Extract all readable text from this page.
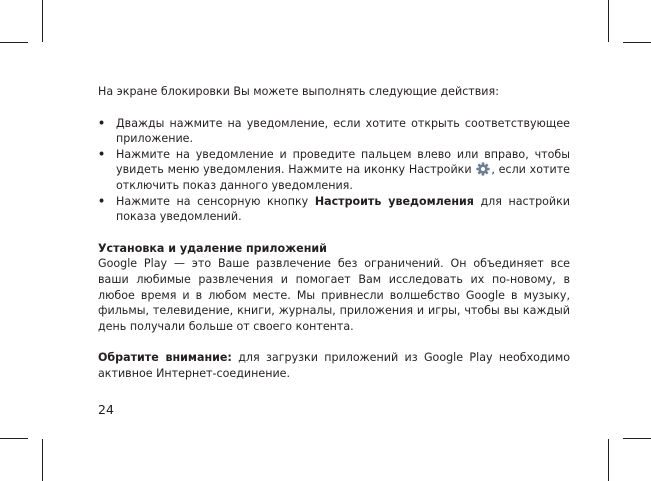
На экране блокировки Вы можете выполнять следующие действия:

• Дважды нажмите на уведомление, если хотите открыть соответствующее приложение.
• Нажмите на уведомление и проведите пальцем влево или вправо, чтобы увидеть меню уведомления. Нажмите на иконку Настройки , если хотите отключить показ данного уведомления.
• Нажмите на сенсорную кнопку Настроить уведомления для настройки показа уведомлений.

Установка и удаление приложений

Google Play — это Ваше развлечение без ограничений. Он объединяет все ваши любимые развлечения и помогает Вам исследовать их по-новому, в любое время и в любом месте. Мы привнесли волшебство Google в музыку, фильмы, телевидение, книги, журналы, приложения и игры, чтобы вы каждый день получали больше от своего контента.

Обратите внимание: для загрузки приложений из Google Play необходимо активное Интернет-соединение.

24
